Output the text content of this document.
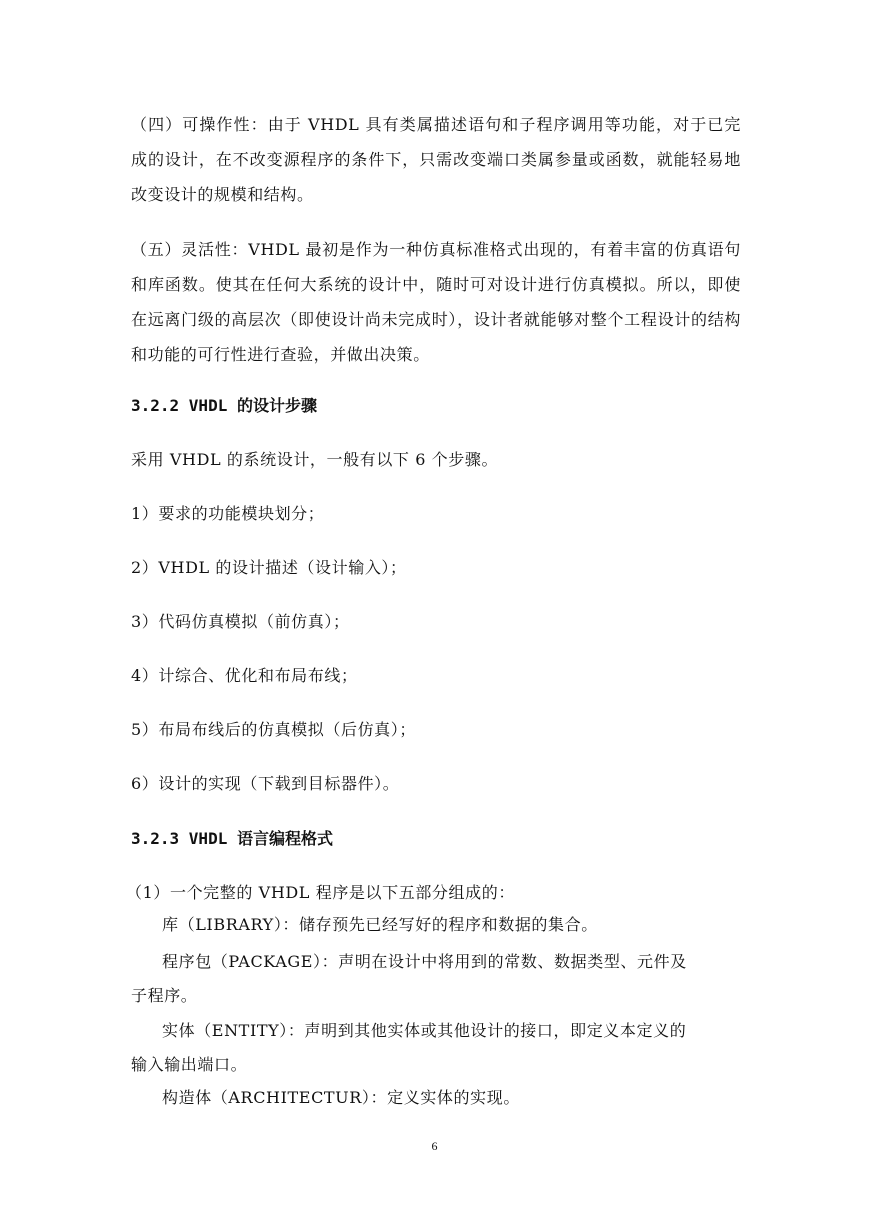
（四）可操作性：由于 VHDL 具有类属描述语句和子程序调用等功能，对于已完成的设计，在不改变源程序的条件下，只需改变端口类属参量或函数，就能轻易地改变设计的规模和结构。

（五）灵活性：VHDL 最初是作为一种仿真标准格式出现的，有着丰富的仿真语句和库函数。使其在任何大系统的设计中，随时可对设计进行仿真模拟。所以，即使在远离门级的高层次（即使设计尚未完成时），设计者就能够对整个工程设计的结构和功能的可行性进行查验，并做出决策。

3.2.2 VHDL 的设计步骤

采用 VHDL 的系统设计，一般有以下 6 个步骤。

1）要求的功能模块划分；

2）VHDL 的设计描述（设计输入）；

3）代码仿真模拟（前仿真）；

4）计综合、优化和布局布线；

5）布局布线后的仿真模拟（后仿真）；

6）设计的实现（下载到目标器件）。

3.2.3 VHDL 语言编程格式

（1）一个完整的 VHDL 程序是以下五部分组成的：

库（LIBRARY）：储存预先已经写好的程序和数据的集合。

程序包（PACKAGE）：声明在设计中将用到的常数、数据类型、元件及

子程序。

实体（ENTITY）：声明到其他实体或其他设计的接口，即定义本定义的

输入输出端口。

构造体（ARCHITECTUR）：定义实体的实现。

6
